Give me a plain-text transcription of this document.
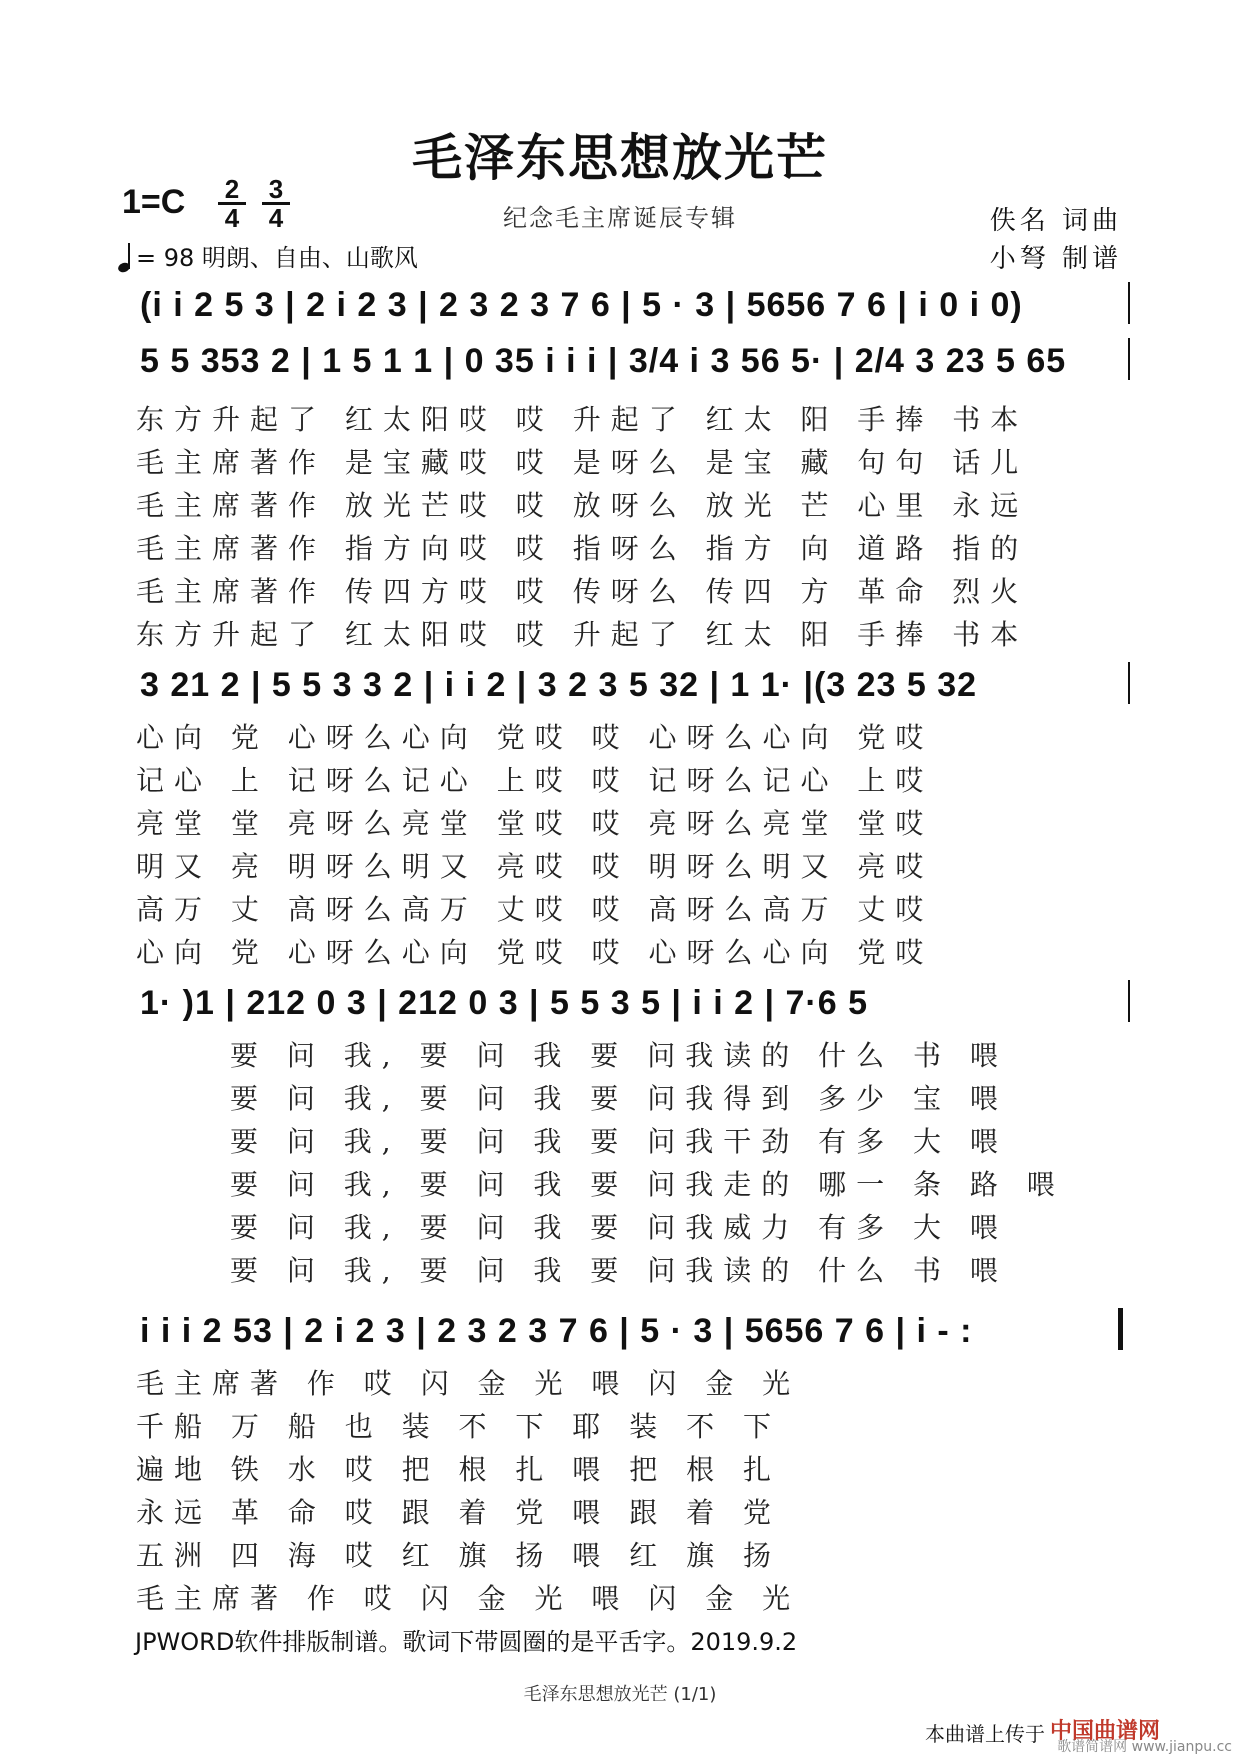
毛泽东思想放光芒
1=C 2
4
3
4	纪念毛主席诞辰专辑	佚名 词曲
小弩 制谱
= 98 明朗、自由、山歌风
(i i 2 5 3 | 2 i 2 3 | 2 3 2 3 7 6 | 5 · 3 | 5656 7 6 | i 0 i 0)
5 5 353 2 | 1 5 1 1 | 0 35 i i i | 3/4 i 3 56 5· | 2/4 3 23 5 65
东方升起了 红太阳哎 哎 升起了 红太 阳 手捧 书本
毛主席著作 是宝藏哎 哎 是呀么 是宝 藏 句句 话儿
毛主席著作 放光芒哎 哎 放呀么 放光 芒 心里 永远
毛主席著作 指方向哎 哎 指呀么 指方 向 道路 指的
毛主席著作 传四方哎 哎 传呀么 传四 方 革命 烈火
东方升起了 红太阳哎 哎 升起了 红太 阳 手捧 书本
3 21 2 | 5 5 3 3 2 | i i 2 | 3 2 3 5 32 | 1 1· |(3 23 5 32
心向 党 心呀么心向 党哎 哎 心呀么心向 党哎
记心 上 记呀么记心 上哎 哎 记呀么记心 上哎
亮堂 堂 亮呀么亮堂 堂哎 哎 亮呀么亮堂 堂哎
明又 亮 明呀么明又 亮哎 哎 明呀么明又 亮哎
高万 丈 高呀么高万 丈哎 哎 高呀么高万 丈哎
心向 党 心呀么心向 党哎 哎 心呀么心向 党哎
1· )1 | 212 0 3 | 212 0 3 | 5 5 3 5 | i i 2 | 7·6 5
要 问 我, 要 问 我 要 问我读的 什么 书 喂
要 问 我, 要 问 我 要 问我得到 多少 宝 喂
要 问 我, 要 问 我 要 问我干劲 有多 大 喂
要 问 我, 要 问 我 要 问我走的 哪一 条 路 喂
要 问 我, 要 问 我 要 问我威力 有多 大 喂
要 问 我, 要 问 我 要 问我读的 什么 书 喂
i i i 2 53 | 2 i 2 3 | 2 3 2 3 7 6 | 5 · 3 | 5656 7 6 | i - :
毛主席著 作 哎 闪 金 光 喂 闪 金 光
千船 万 船 也 装 不 下 耶 装 不 下
遍地 铁 水 哎 把 根 扎 喂 把 根 扎
永远 革 命 哎 跟 着 党 喂 跟 着 党
五洲 四 海 哎 红 旗 扬 喂 红 旗 扬
毛主席著 作 哎 闪 金 光 喂 闪 金 光
JPWORD软件排版制谱。歌词下带圆圈的是平舌字。2019.9.2
毛泽东思想放光芒 (1/1)
本曲谱上传于 中国曲谱网
歌谱简谱网 www.jianpu.cc
